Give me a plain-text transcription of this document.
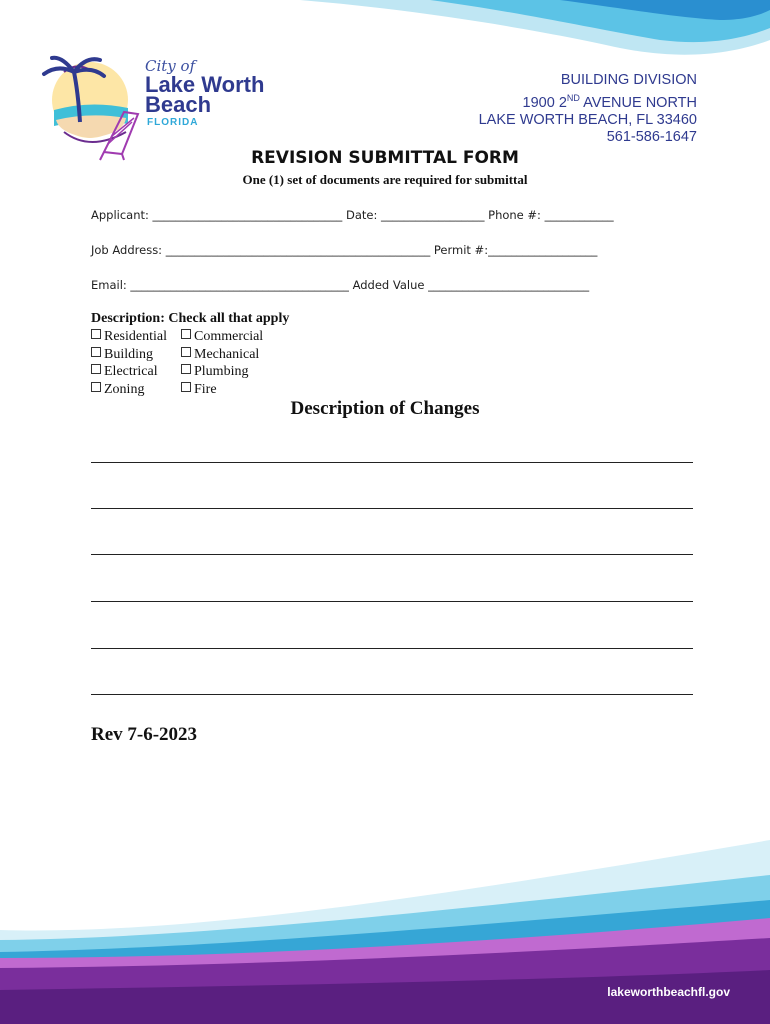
City of
Lake Worth Beach
FLORIDA
BUILDING DIVISION
1900 2ND AVENUE NORTH
LAKE WORTH BEACH, FL 33460
561-586-1647
REVISION SUBMITTAL FORM
One (1) set of documents are required for submittal
Applicant: _________________________________ Date: __________________ Phone #: ____________
Job Address: ______________________________________________ Permit #:___________________
Email: ______________________________________ Added Value ____________________________
Description: Check all that apply
Residential
Building
Electrical
Zoning
Commercial
Mechanical
Plumbing
Fire
Description of Changes
Rev 7-6-2023
lakeworthbeachfl.gov
